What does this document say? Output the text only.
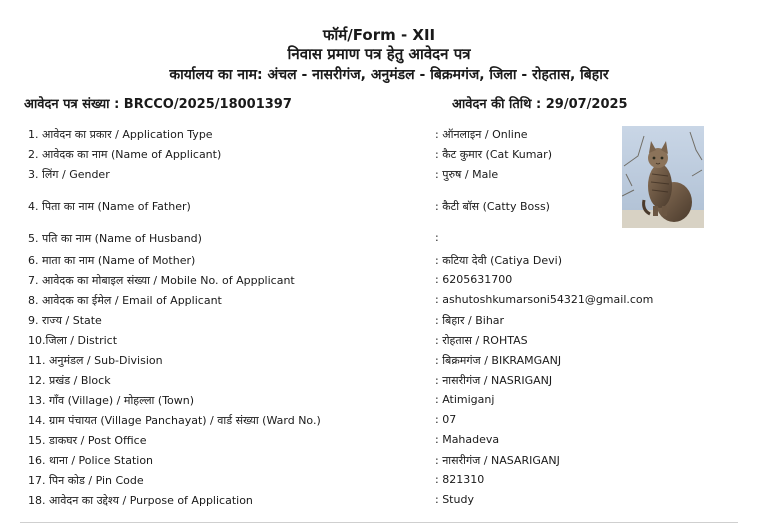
फॉर्म/Form - XII
निवास प्रमाण पत्र हेतु आवेदन पत्र
कार्यालय का नाम: अंचल - नासरीगंज, अनुमंडल - बिक्रमगंज, जिला - रोहतास, बिहार
आवेदन पत्र संख्या : BRCCO/2025/18001397	आवेदन की तिथि : 29/07/2025
1. आवेदन का प्रकार / Application Type	: ऑनलाइन / Online
2. आवेदक का नाम (Name of Applicant)	: कैट कुमार (Cat Kumar)
3. लिंग / Gender	: पुरुष / Male
4. पिता का नाम (Name of Father)	: कैटी बॉस (Catty Boss)
5. पति का नाम (Name of Husband)	:
6. माता का नाम (Name of Mother)	: कटिया देवी (Catiya Devi)
7. आवेदक का मोबाइल संख्या / Mobile No. of Appplicant	: 6205631700
8. आवेदक का ईमेल / Email of Applicant	: ashutoshkumarsoni54321@gmail.com
9. राज्य / State	: बिहार / Bihar
10.जिला / District	: रोहतास / ROHTAS
11. अनुमंडल / Sub-Division	: बिक्रमगंज / BIKRAMGANJ
12. प्रखंड / Block	: नासरीगंज / NASRIGANJ
13. गाँव (Village) / मोहल्ला (Town)	: Atimiganj
14. ग्राम पंचायत (Village Panchayat) / वार्ड संख्या (Ward No.)	: 07
15. डाकघर / Post Office	: Mahadeva
16. थाना / Police Station	: नासरीगंज / NASARIGANJ
17. पिन कोड / Pin Code	: 821310
18. आवेदन का उद्देश्य / Purpose of Application	: Study
